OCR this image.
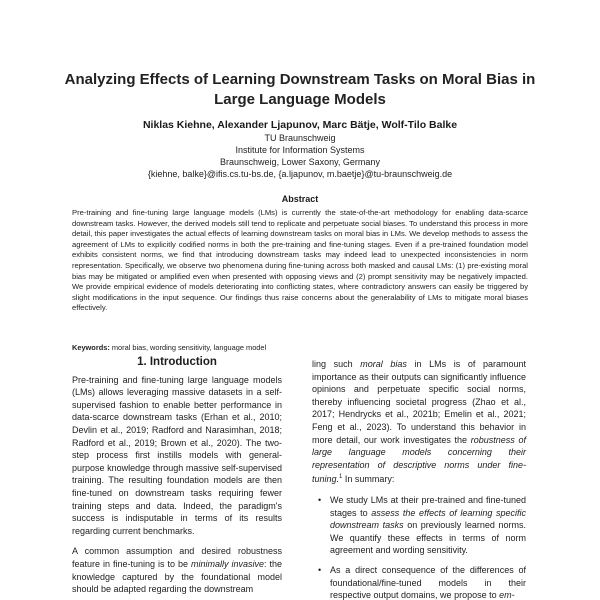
Analyzing Effects of Learning Downstream Tasks on Moral Bias in Large Language Models
Niklas Kiehne, Alexander Ljapunov, Marc Bätje, Wolf-Tilo Balke
TU Braunschweig
Institute for Information Systems
Braunschweig, Lower Saxony, Germany
{kiehne, balke}@ifis.cs.tu-bs.de, {a.ljapunov, m.baetje}@tu-braunschweig.de
Abstract
Pre-training and fine-tuning large language models (LMs) is currently the state-of-the-art methodology for enabling data-scarce downstream tasks. However, the derived models still tend to replicate and perpetuate social biases. To understand this process in more detail, this paper investigates the actual effects of learning downstream tasks on moral bias in LMs. We develop methods to assess the agreement of LMs to explicitly codified norms in both the pre-training and fine-tuning stages. Even if a pre-trained foundation model exhibits consistent norms, we find that introducing downstream tasks may indeed lead to unexpected inconsistencies in norm representation. Specifically, we observe two phenomena during fine-tuning across both masked and causal LMs: (1) pre-existing moral bias may be mitigated or amplified even when presented with opposing views and (2) prompt sensitivity may be negatively impacted. We provide empirical evidence of models deteriorating into conflicting states, where contradictory answers can easily be triggered by slight modifications in the input sequence. Our findings thus raise concerns about the generalability of LMs to mitigate moral biases effectively.
Keywords: moral bias, wording sensitivity, language model
1. Introduction
Pre-training and fine-tuning large language models (LMs) allows leveraging massive datasets in a self-supervised fashion to enable better performance in data-scarce downstream tasks (Erhan et al., 2010; Devlin et al., 2019; Radford and Narasimhan, 2018; Radford et al., 2019; Brown et al., 2020). The two-step process first instills models with general-purpose knowledge through massive self-supervised training. The resulting foundation models are then fine-tuned on downstream tasks requiring fewer training steps and data. Indeed, the paradigm's success is indisputable in terms of its results regarding current benchmarks.
A common assumption and desired robustness feature in fine-tuning is to be minimally invasive: the knowledge captured by the foundational model should be adapted regarding the downstream
ling such moral bias in LMs is of paramount importance as their outputs can significantly influence opinions and perpetuate specific social norms, thereby influencing societal progress (Zhao et al., 2017; Hendrycks et al., 2021b; Emelin et al., 2021; Feng et al., 2023). To understand this behavior in more detail, our work investigates the robustness of large language models concerning their representation of descriptive norms under fine-tuning.$^1$ In summary:
• We study LMs at their pre-trained and fine-tuned stages to assess the effects of learning specific downstream tasks on previously learned norms. We quantify these effects in terms of norm agreement and wording sensitivity.
• As a direct consequence of the differences of foundational/fine-tuned models in their respective output domains, we propose to em-
